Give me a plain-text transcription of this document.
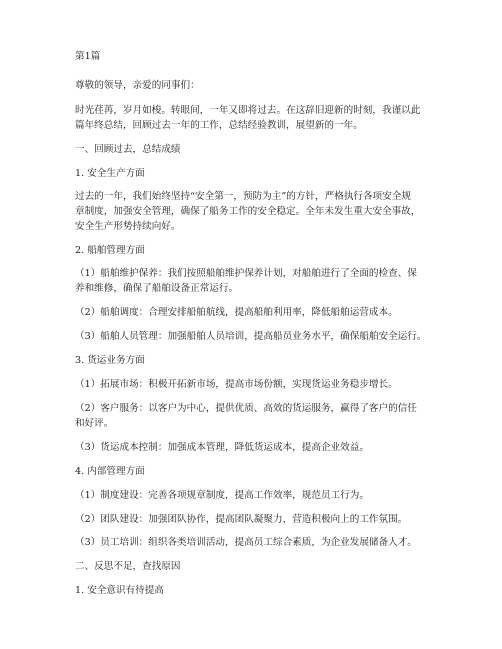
第1篇
尊敬的领导，亲爱的同事们：

时光荏苒，岁月如梭。转眼间，一年又即将过去。在这辞旧迎新的时刻，我谨以此

篇年终总结，回顾过去一年的工作，总结经验教训，展望新的一年。

一、回顾过去，总结成绩
1. 安全生产方面

过去的一年，我们始终坚持“安全第一，预防为主”的方针，严格执行各项安全规

章制度，加强安全管理，确保了船务工作的安全稳定。全年未发生重大安全事故，

安全生产形势持续向好。

2. 船舶管理方面

（1）船舶维护保养：我们按照船舶维护保养计划，对船舶进行了全面的检查、保

养和维修，确保了船舶设备正常运行。

（2）船舶调度：合理安排船舶航线，提高船舶利用率，降低船舶运营成本。
（3）船舶人员管理：加强船舶人员培训，提高船员业务水平，确保船舶安全运行。
3. 货运业务方面
（1）拓展市场：积极开拓新市场，提高市场份额，实现货运业务稳步增长。

（2）客户服务：以客户为中心，提供优质、高效的货运服务，赢得了客户的信任

和好评。

（3）货运成本控制：加强成本管理，降低货运成本，提高企业效益。
4. 内部管理方面
（1）制度建设：完善各项规章制度，提高工作效率，规范员工行为。
（2）团队建设：加强团队协作，提高团队凝聚力，营造积极向上的工作氛围。
（3）员工培训：组织各类培训活动，提高员工综合素质，为企业发展储备人才。
二、反思不足，查找原因
1. 安全意识有待提高
